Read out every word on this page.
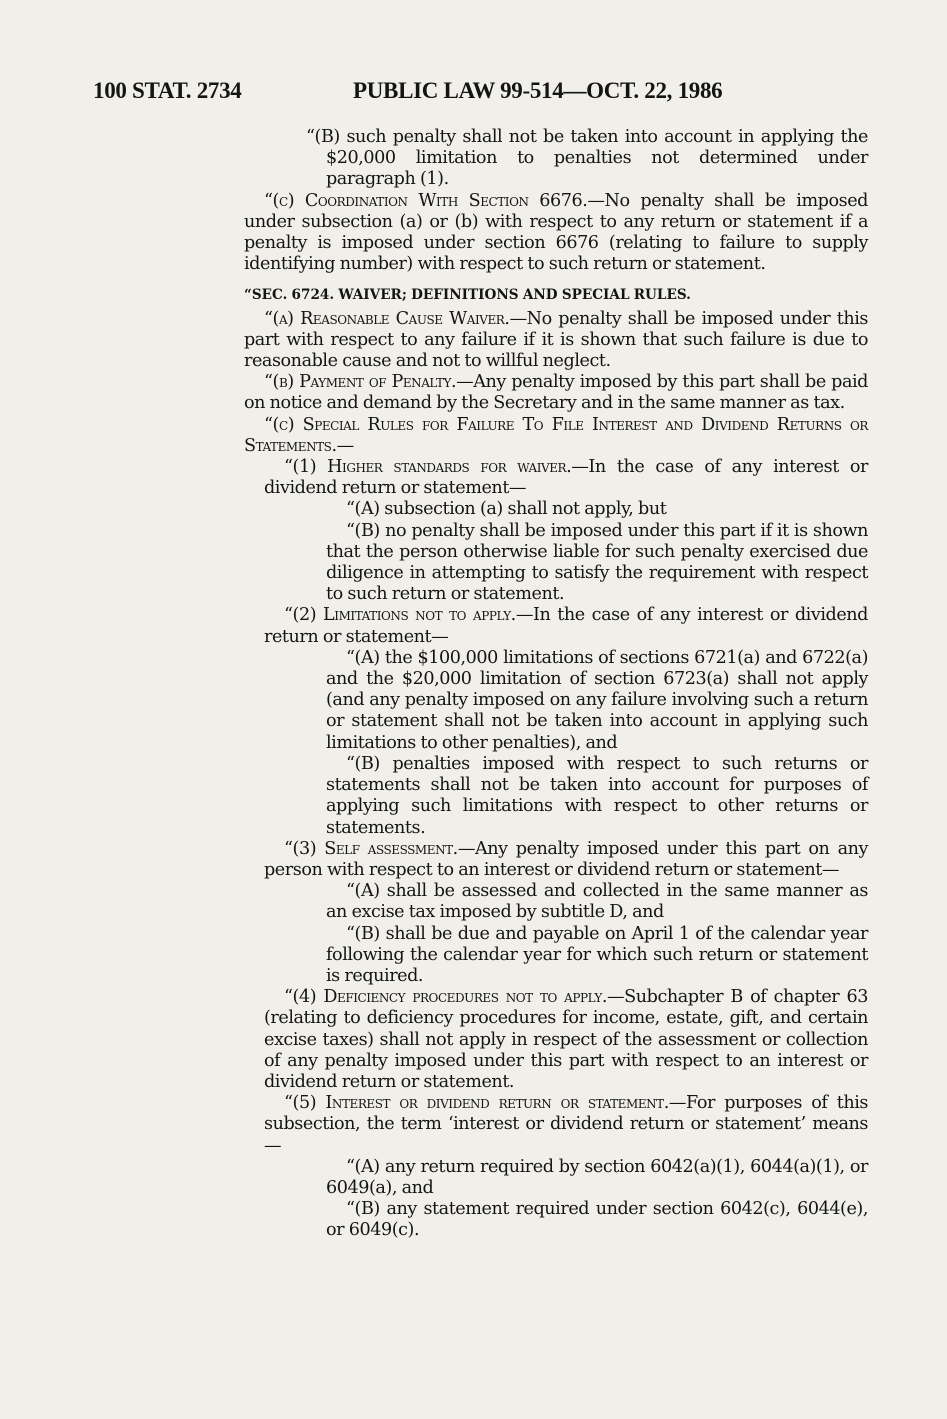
100 STAT. 2734	PUBLIC LAW 99-514—OCT. 22, 1986

“(B) such penalty shall not be taken into account in applying the $20,000 limitation to penalties not determined under paragraph (1).

“(c) Coordination With Section 6676.—No penalty shall be imposed under subsection (a) or (b) with respect to any return or statement if a penalty is imposed under section 6676 (relating to failure to supply identifying number) with respect to such return or statement.

“SEC. 6724. WAIVER; DEFINITIONS AND SPECIAL RULES.

“(a) Reasonable Cause Waiver.—No penalty shall be imposed under this part with respect to any failure if it is shown that such failure is due to reasonable cause and not to willful neglect.

“(b) Payment of Penalty.—Any penalty imposed by this part shall be paid on notice and demand by the Secretary and in the same manner as tax.

“(c) Special Rules for Failure To File Interest and Dividend Returns or Statements.—

“(1) Higher standards for waiver.—In the case of any interest or dividend return or statement—

“(A) subsection (a) shall not apply, but

“(B) no penalty shall be imposed under this part if it is shown that the person otherwise liable for such penalty exercised due diligence in attempting to satisfy the requirement with respect to such return or statement.

“(2) Limitations not to apply.—In the case of any interest or dividend return or statement—

“(A) the $100,000 limitations of sections 6721(a) and 6722(a) and the $20,000 limitation of section 6723(a) shall not apply (and any penalty imposed on any failure involving such a return or statement shall not be taken into account in applying such limitations to other penalties), and

“(B) penalties imposed with respect to such returns or statements shall not be taken into account for purposes of applying such limitations with respect to other returns or statements.

“(3) Self assessment.—Any penalty imposed under this part on any person with respect to an interest or dividend return or statement—

“(A) shall be assessed and collected in the same manner as an excise tax imposed by subtitle D, and

“(B) shall be due and payable on April 1 of the calendar year following the calendar year for which such return or statement is required.

“(4) Deficiency procedures not to apply.—Subchapter B of chapter 63 (relating to deficiency procedures for income, estate, gift, and certain excise taxes) shall not apply in respect of the assessment or collection of any penalty imposed under this part with respect to an interest or dividend return or statement.

“(5) Interest or dividend return or statement.—For purposes of this subsection, the term ‘interest or dividend return or statement’ means—

“(A) any return required by section 6042(a)(1), 6044(a)(1), or 6049(a), and

“(B) any statement required under section 6042(c), 6044(e), or 6049(c).
